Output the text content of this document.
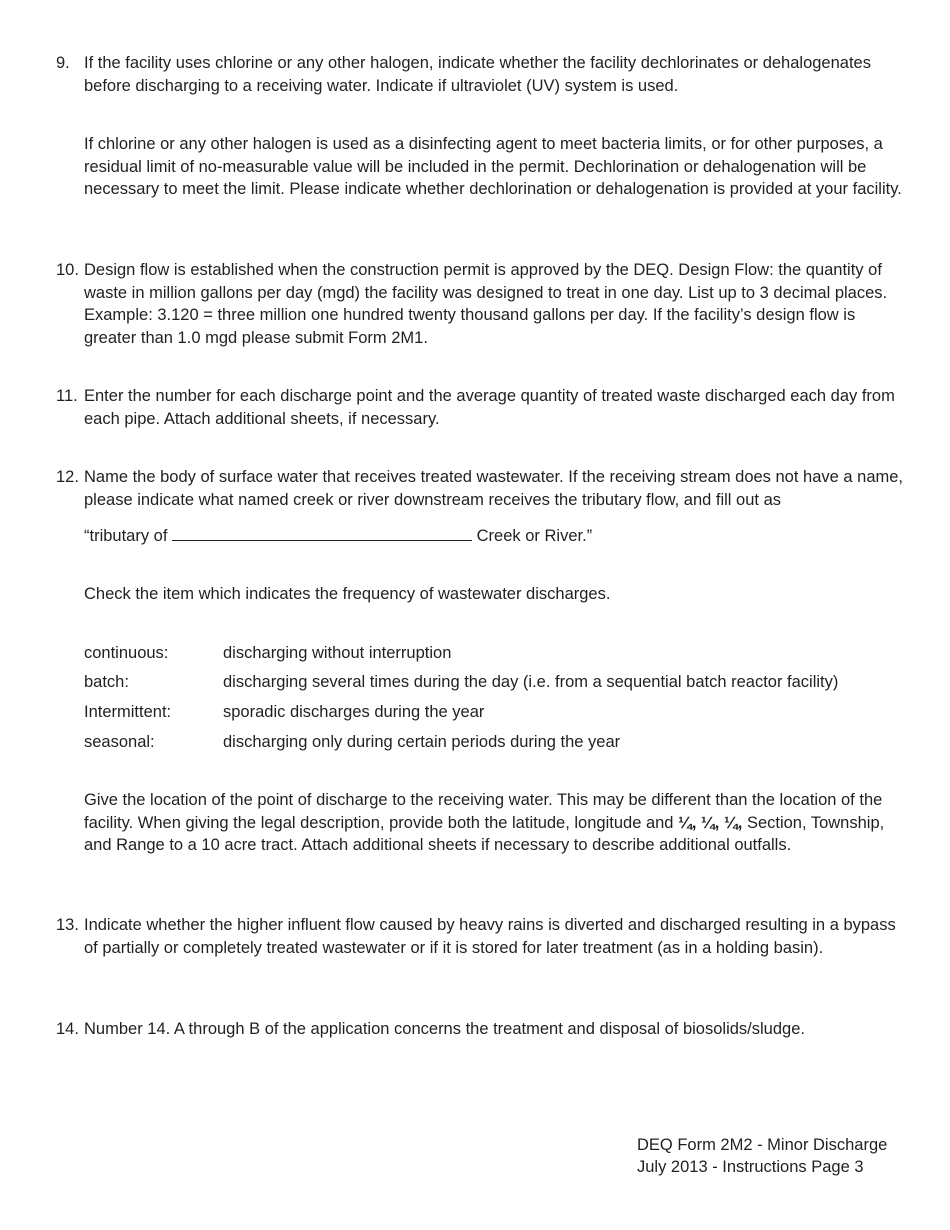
9. If the facility uses chlorine or any other halogen, indicate whether the facility dechlorinates or dehalogenates before discharging to a receiving water. Indicate if ultraviolet (UV) system is used.
If chlorine or any other halogen is used as a disinfecting agent to meet bacteria limits, or for other purposes, a residual limit of no-measurable value will be included in the permit. Dechlorination or dehalogenation will be necessary to meet the limit. Please indicate whether dechlorination or dehalogenation is provided at your facility.
10. Design flow is established when the construction permit is approved by the DEQ. Design Flow: the quantity of waste in million gallons per day (mgd) the facility was designed to treat in one day. List up to 3 decimal places. Example: 3.120 = three million one hundred twenty thousand gallons per day. If the facility’s design flow is greater than 1.0 mgd please submit Form 2M1.
11. Enter the number for each discharge point and the average quantity of treated waste discharged each day from each pipe. Attach additional sheets, if necessary.
12. Name the body of surface water that receives treated wastewater. If the receiving stream does not have a name, please indicate what named creek or river downstream receives the tributary flow, and fill out as
“tributary of	Creek or River.”
Check the item which indicates the frequency of wastewater discharges.
continuous:	discharging without interruption
batch:	discharging several times during the day (i.e. from a sequential batch reactor facility)
Intermittent:	sporadic discharges during the year
seasonal:	discharging only during certain periods during the year
Give the location of the point of discharge to the receiving water. This may be different than the location of the facility. When giving the legal description, provide both the latitude, longitude and ¼, ¼, ¼, Section, Township, and Range to a 10 acre tract. Attach additional sheets if necessary to describe additional outfalls.
13. Indicate whether the higher influent flow caused by heavy rains is diverted and discharged resulting in a bypass of partially or completely treated wastewater or if it is stored for later treatment (as in a holding basin).
14. Number 14. A through B of the application concerns the treatment and disposal of biosolids/sludge.
DEQ Form 2M2 - Minor Discharge
July 2013 - Instructions Page 3
